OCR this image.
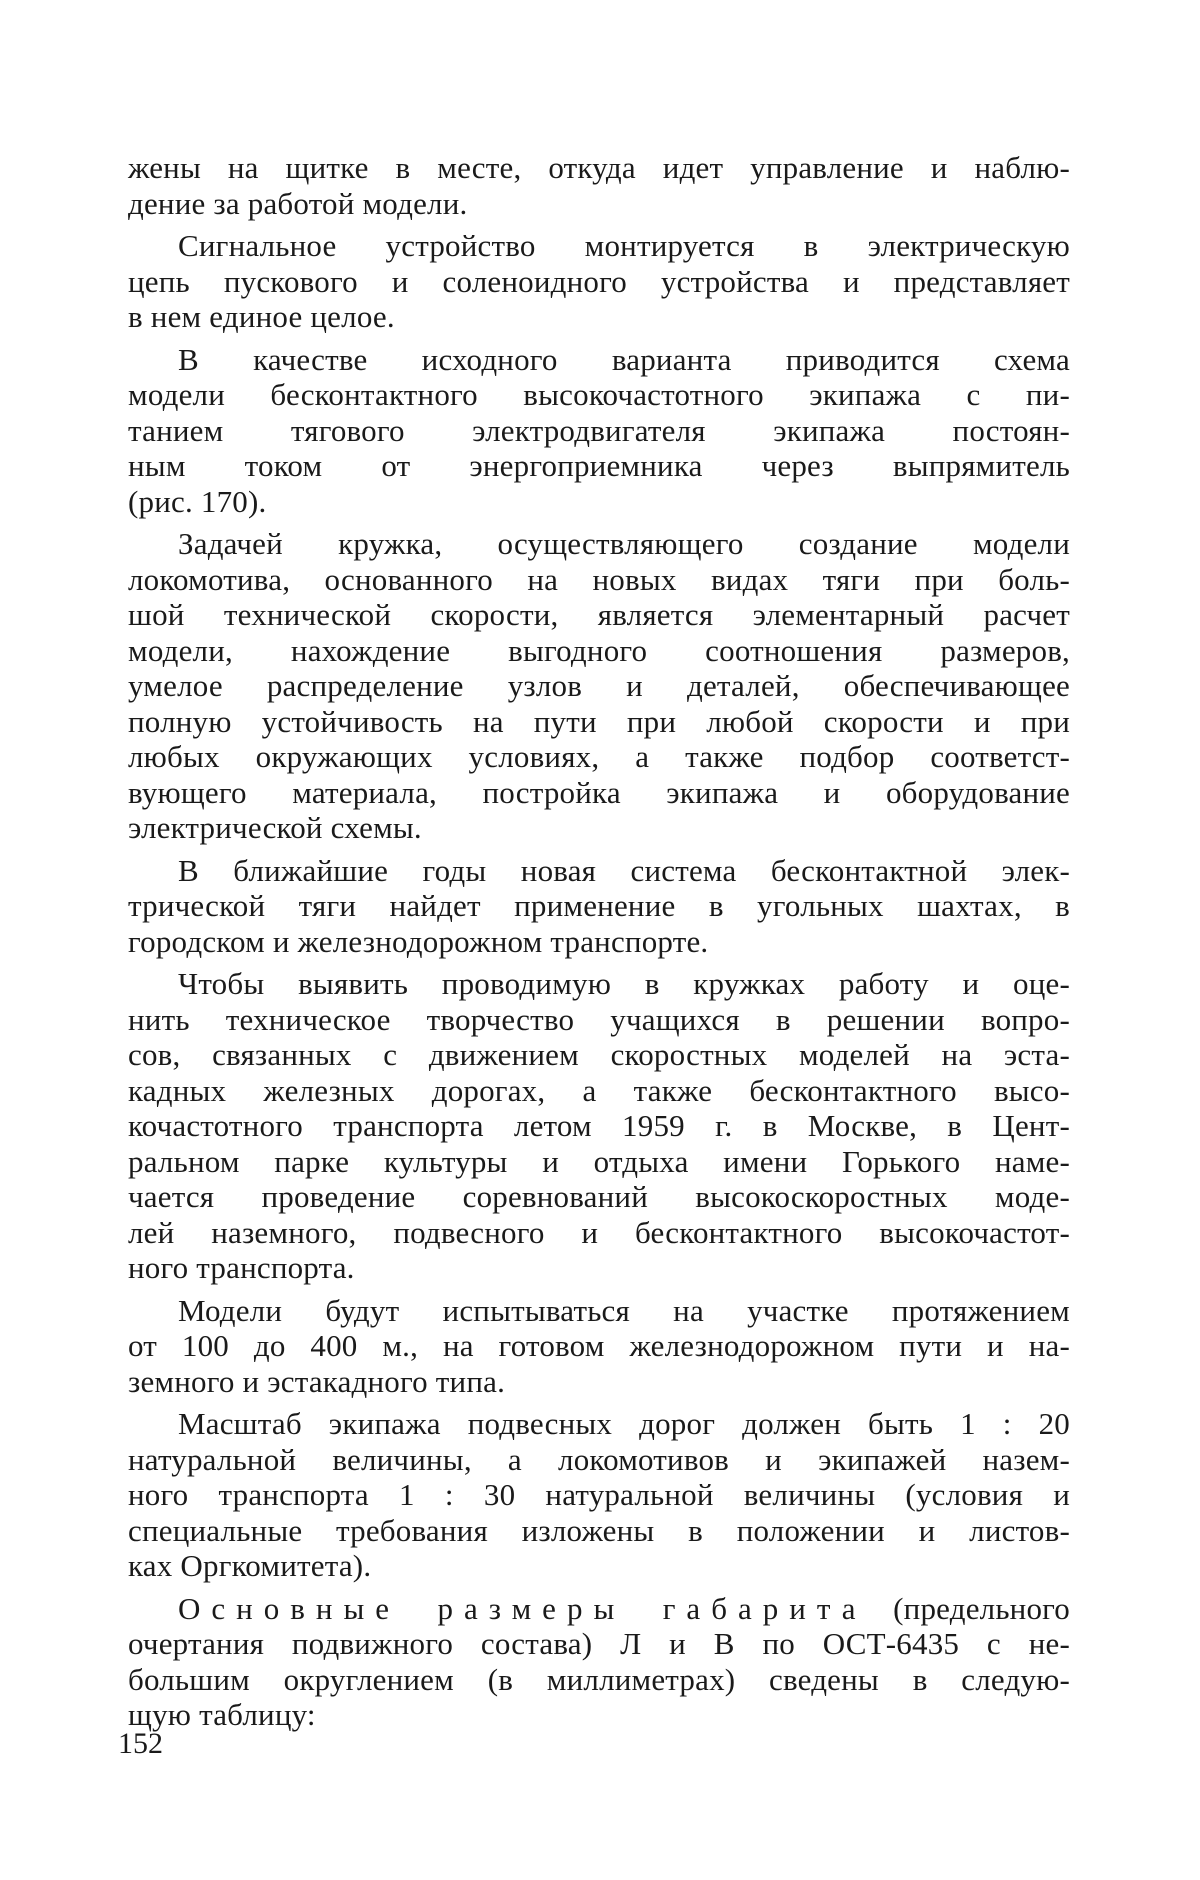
жены на щитке в месте, откуда идет управление и наблю-
дение за работой модели.
Сигнальное устройство монтируется в электрическую
цепь пускового и соленоидного устройства и представляет
в нем единое целое.
В качестве исходного варианта приводится схема
модели бесконтактного высокочастотного экипажа с пи-
танием тягового электродвигателя экипажа постоян-
ным током от энергоприемника через выпрямитель
(рис. 170).
Задачей кружка, осуществляющего создание модели
локомотива, основанного на новых видах тяги при боль-
шой технической скорости, является элементарный расчет
модели, нахождение выгодного соотношения размеров,
умелое распределение узлов и деталей, обеспечивающее
полную устойчивость на пути при любой скорости и при
любых окружающих условиях, а также подбор соответст-
вующего материала, постройка экипажа и оборудование
электрической схемы.
В ближайшие годы новая система бесконтактной элек-
трической тяги найдет применение в угольных шахтах, в
городском и железнодорожном транспорте.
Чтобы выявить проводимую в кружках работу и оце-
нить техническое творчество учащихся в решении вопро-
сов, связанных с движением скоростных моделей на эста-
кадных железных дорогах, а также бесконтактного высо-
кочастотного транспорта летом 1959 г. в Москве, в Цент-
ральном парке культуры и отдыха имени Горького наме-
чается проведение соревнований высокоскоростных моде-
лей наземного, подвесного и бесконтактного высокочастот-
ного транспорта.
Модели будут испытываться на участке протяжением
от 100 до 400 м., на готовом железнодорожном пути и на-
земного и эстакадного типа.
Масштаб экипажа подвесных дорог должен быть 1 : 20
натуральной величины, а локомотивов и экипажей назем-
ного транспорта 1 : 30 натуральной величины (условия и
специальные требования изложены в положении и листов-
ках Оргкомитета).
Основные размеры габарита (предельного
очертания подвижного состава) Л и В по ОСТ-6435 с не-
большим округлением (в миллиметрах) сведены в следую-
щую таблицу:
152
